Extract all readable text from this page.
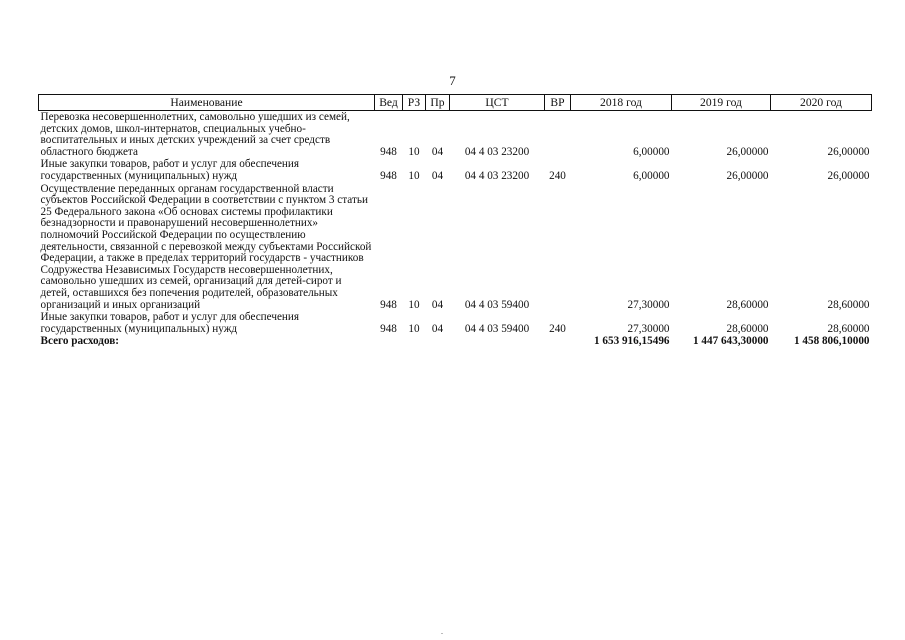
7
Наименование	Вед	РЗ	Пр	ЦСТ	ВР	2018 год	2019 год	2020 год
Перевозка несовершеннолетних, самовольно ушедших из семей, детских домов, школ-интернатов, специальных учебно-воспитательных и иных детских учреждений за счет средств областного бюджета	948	10	04	04 4 03 23200		6,00000	26,00000	26,00000
Иные закупки товаров, работ и услуг для обеспечения государственных (муниципальных) нужд	948	10	04	04 4 03 23200	240	6,00000	26,00000	26,00000
Осуществление переданных органам государственной власти субъектов Российской Федерации в соответствии с пунктом 3 статьи 25 Федерального закона «Об основах системы профилактики безнадзорности и правонарушений несовершеннолетних» полномочий Российской Федерации по осуществлению деятельности, связанной с перевозкой между субъектами Российской Федерации, а также в пределах территорий государств - участников Содружества Независимых Государств несовершеннолетних, самовольно ушедших из семей, организаций для детей-сирот и детей, оставшихся без попечения родителей, образовательных организаций и иных организаций	948	10	04	04 4 03 59400		27,30000	28,60000	28,60000
Иные закупки товаров, работ и услуг для обеспечения государственных (муниципальных) нужд	948	10	04	04 4 03 59400	240	27,30000	28,60000	28,60000
Всего расходов:						1 653 916,15496	1 447 643,30000	1 458 806,10000
